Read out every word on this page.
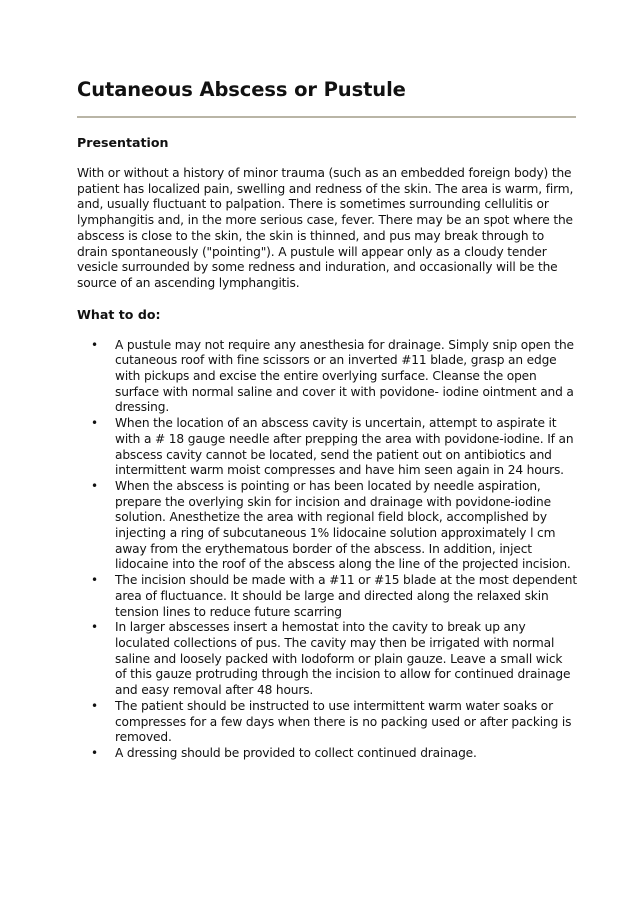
Cutaneous Abscess or Pustule
Presentation

With or without a history of minor trauma (such as an embedded foreign body) the patient has localized pain, swelling and redness of the skin. The area is warm, firm, and, usually fluctuant to palpation. There is sometimes surrounding cellulitis or lymphangitis and, in the more serious case, fever. There may be an spot where the abscess is close to the skin, the skin is thinned, and pus may break through to drain spontaneously ("pointing"). A pustule will appear only as a cloudy tender vesicle surrounded by some redness and induration, and occasionally will be the source of an ascending lymphangitis.

What to do:
• A pustule may not require any anesthesia for drainage. Simply snip open the cutaneous roof with fine scissors or an inverted #11 blade, grasp an edge with pickups and excise the entire overlying surface. Cleanse the open surface with normal saline and cover it with povidone- iodine ointment and a dressing.
• When the location of an abscess cavity is uncertain, attempt to aspirate it with a # 18 gauge needle after prepping the area with povidone-iodine. If an abscess cavity cannot be located, send the patient out on antibiotics and intermittent warm moist compresses and have him seen again in 24 hours.
• When the abscess is pointing or has been located by needle aspiration, prepare the overlying skin for incision and drainage with povidone-iodine solution. Anesthetize the area with regional field block, accomplished by injecting a ring of subcutaneous 1% lidocaine solution approximately l cm away from the erythematous border of the abscess. In addition, inject lidocaine into the roof of the abscess along the line of the projected incision.
• The incision should be made with a #11 or #15 blade at the most dependent area of fluctuance. It should be large and directed along the relaxed skin tension lines to reduce future scarring
• In larger abscesses insert a hemostat into the cavity to break up any loculated collections of pus. The cavity may then be irrigated with normal saline and loosely packed with Iodoform or plain gauze. Leave a small wick of this gauze protruding through the incision to allow for continued drainage and easy removal after 48 hours.
• The patient should be instructed to use intermittent warm water soaks or compresses for a few days when there is no packing used or after packing is removed.
• A dressing should be provided to collect continued drainage.
